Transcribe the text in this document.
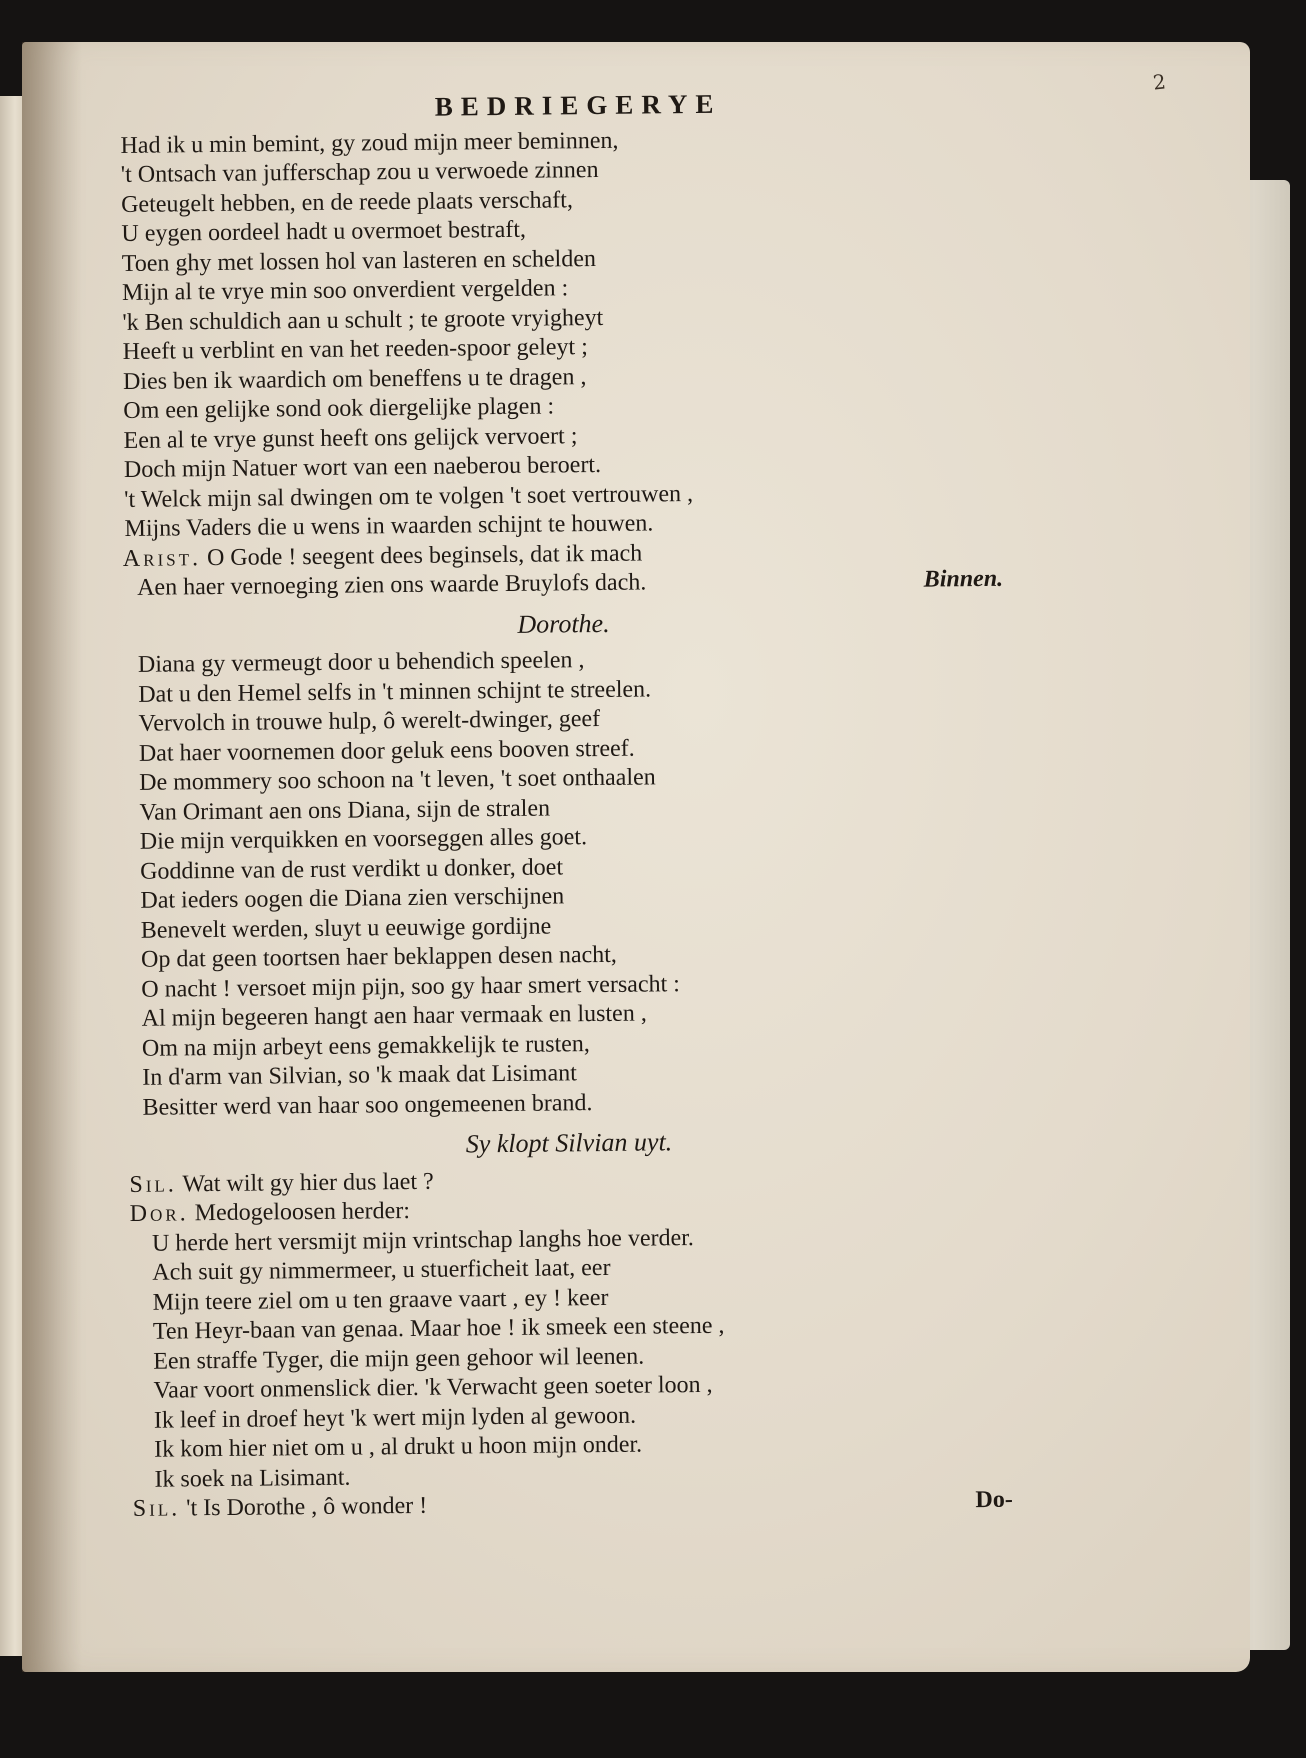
2
BEDRIEGERYE
Had ik u min bemint, gy zoud mijn meer beminnen,
't Ontsach van jufferschap zou u verwoede zinnen
Geteugelt hebben, en de reede plaats verschaft,
U eygen oordeel hadt u overmoet bestraft,
Toen ghy met lossen hol van lasteren en schelden
Mijn al te vrye min soo onverdient vergelden :
'k Ben schuldich aan u schult ; te groote vryigheyt
Heeft u verblint en van het reeden-spoor geleyt ;
Dies ben ik waardich om beneffens u te dragen ,
Om een gelijke sond ook diergelijke plagen :
Een al te vrye gunst heeft ons gelijck vervoert ;
Doch mijn Natuer wort van een naeberou beroert.
't Welck mijn sal dwingen om te volgen 't soet vertrouwen ,
Mijns Vaders die u wens in waarden schijnt te houwen.
Arist. O Gode ! seegent dees beginsels, dat ik mach
Aen haer vernoeging zien ons waarde Bruylofs dach.	Binnen.
Dorothe.
Diana gy vermeugt door u behendich speelen ,
Dat u den Hemel selfs in 't minnen schijnt te streelen.
Vervolch in trouwe hulp, ô werelt-dwinger, geef
Dat haer voornemen door geluk eens booven streef.
De mommery soo schoon na 't leven, 't soet onthaalen
Van Orimant aen ons Diana, sijn de stralen
Die mijn verquikken en voorseggen alles goet.
Goddinne van de rust verdikt u donker, doet
Dat ieders oogen die Diana zien verschijnen
Benevelt werden, sluyt u eeuwige gordijne
Op dat geen toortsen haer beklappen desen nacht,
O nacht ! versoet mijn pijn, soo gy haar smert versacht :
Al mijn begeeren hangt aen haar vermaak en lusten ,
Om na mijn arbeyt eens gemakkelijk te rusten,
In d'arm van Silvian, so 'k maak dat Lisimant
Besitter werd van haar soo ongemeenen brand.
Sy klopt Silvian uyt.
Sil. Wat wilt gy hier dus laet ?
Dor. Medogeloosen herder:
U herde hert versmijt mijn vrintschap langhs hoe verder.
Ach suit gy nimmermeer, u stuerficheit laat, eer
Mijn teere ziel om u ten graave vaart , ey ! keer
Ten Heyr-baan van genaa. Maar hoe ! ik smeek een steene ,
Een straffe Tyger, die mijn geen gehoor wil leenen.
Vaar voort onmenslick dier. 'k Verwacht geen soeter loon ,
Ik leef in droef heyt 'k wert mijn lyden al gewoon.
Ik kom hier niet om u , al drukt u hoon mijn onder.
Ik soek na Lisimant.
Sil. 't Is Dorothe , ô wonder !	Do-
